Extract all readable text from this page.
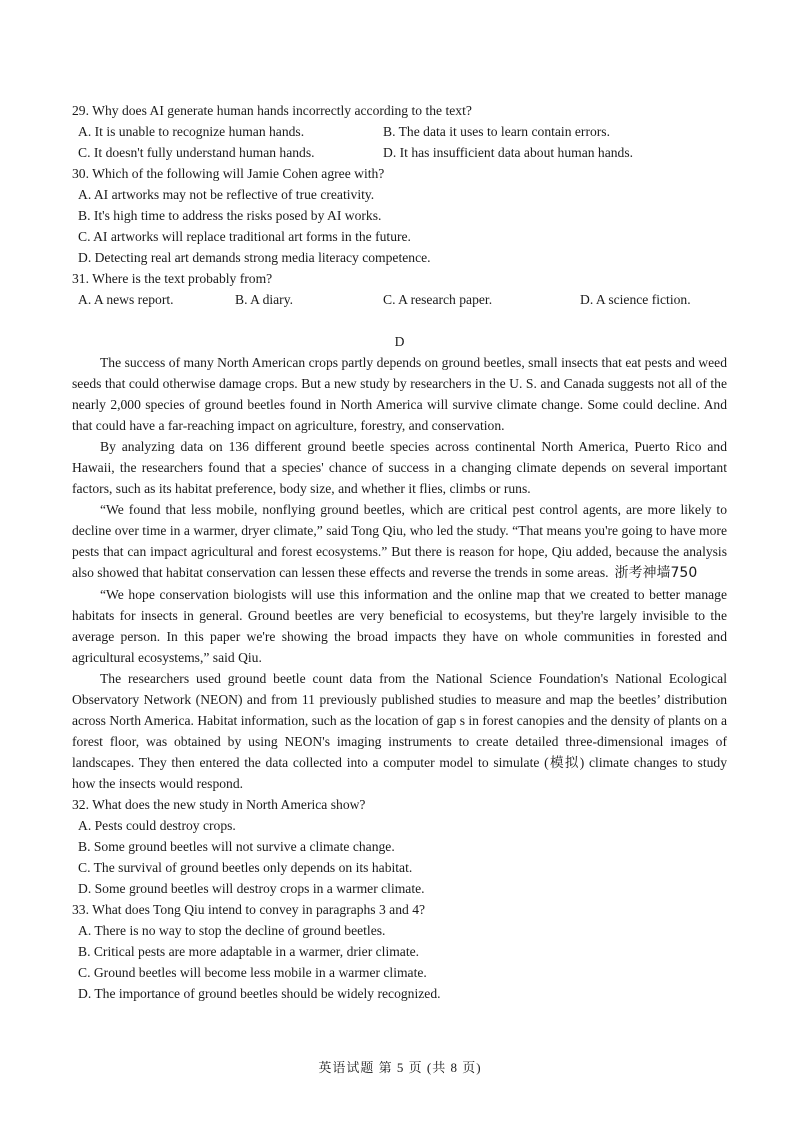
29. Why does AI generate human hands incorrectly according to the text?
A. It is unable to recognize human hands.	B. The data it uses to learn contain errors.
C. It doesn't fully understand human hands.	D. It has insufficient data about human hands.
30. Which of the following will Jamie Cohen agree with?
A. AI artworks may not be reflective of true creativity.
B. It's high time to address the risks posed by AI works.
C. AI artworks will replace traditional art forms in the future.
D. Detecting real art demands strong media literacy competence.
31. Where is the text probably from?
A. A news report.	B. A diary.	C. A research paper.	D. A science fiction.
D

The success of many North American crops partly depends on ground beetles, small insects that eat pests and weed seeds that could otherwise damage crops. But a new study by researchers in the U. S. and Canada suggests not all of the nearly 2,000 species of ground beetles found in North America will survive climate change. Some could decline. And that could have a far-reaching impact on agriculture, forestry, and conservation.

By analyzing data on 136 different ground beetle species across continental North America, Puerto Rico and Hawaii, the researchers found that a species' chance of success in a changing climate depends on several important factors, such as its habitat preference, body size, and whether it flies, climbs or runs.

“We found that less mobile, nonflying ground beetles, which are critical pest control agents, are more likely to decline over time in a warmer, dryer climate,” said Tong Qiu, who led the study. “That means you're going to have more pests that can impact agricultural and forest ecosystems.” But there is reason for hope, Qiu added, because the analysis also showed that habitat conservation can lessen these effects and reverse the trends in some areas. 浙考神墙750

“We hope conservation biologists will use this information and the online map that we created to better manage habitats for insects in general. Ground beetles are very beneficial to ecosystems, but they're largely invisible to the average person. In this paper we're showing the broad impacts they have on whole communities in forested and agricultural ecosystems,” said Qiu.

The researchers used ground beetle count data from the National Science Foundation's National Ecological Observatory Network (NEON) and from 11 previously published studies to measure and map the beetles’ distribution across North America. Habitat information, such as the location of gap s in forest canopies and the density of plants on a forest floor, was obtained by using NEON's imaging instruments to create detailed three-dimensional images of landscapes. They then entered the data collected into a computer model to simulate (模拟) climate changes to study how the insects would respond.

32. What does the new study in North America show?
A. Pests could destroy crops.
B. Some ground beetles will not survive a climate change.
C. The survival of ground beetles only depends on its habitat.
D. Some ground beetles will destroy crops in a warmer climate.
33. What does Tong Qiu intend to convey in paragraphs 3 and 4?
A. There is no way to stop the decline of ground beetles.
B. Critical pests are more adaptable in a warmer, drier climate.
C. Ground beetles will become less mobile in a warmer climate.
D. The importance of ground beetles should be widely recognized.
英语试题 第 5 页 (共 8 页)
